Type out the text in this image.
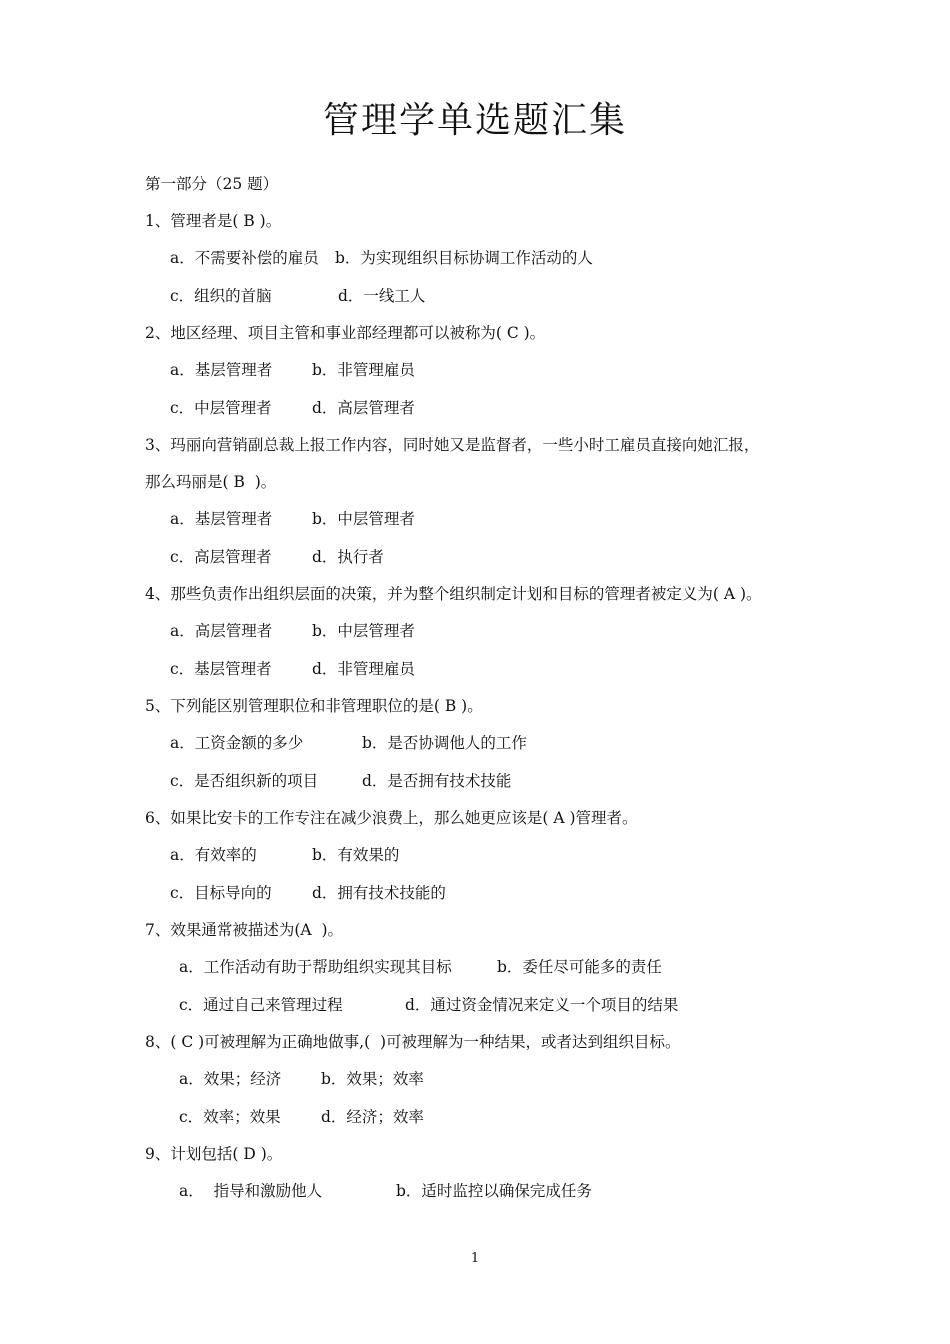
管理学单选题汇集
第一部分（25 题）
1、管理者是( B )。
a．不需要补偿的雇员 b．为实现组织目标协调工作活动的人
c．组织的首脑	d．一线工人
2、地区经理、项目主管和事业部经理都可以被称为( C )。
a．基层管理者	b．非管理雇员
c．中层管理者	d．高层管理者
3、玛丽向营销副总裁上报工作内容，同时她又是监督者，一些小时工雇员直接向她汇报，
那么玛丽是( B  )。
a．基层管理者	b．中层管理者
c．高层管理者	d．执行者
4、那些负责作出组织层面的决策，并为整个组织制定计划和目标的管理者被定义为( A )。
a．高层管理者	b．中层管理者
c．基层管理者	d．非管理雇员
5、下列能区别管理职位和非管理职位的是( B )。
a．工资金额的多少	b．是否协调他人的工作
c．是否组织新的项目	d．是否拥有技术技能
6、如果比安卡的工作专注在减少浪费上，那么她更应该是( A )管理者。
a．有效率的	b．有效果的
c．目标导向的	d．拥有技术技能的
7、效果通常被描述为(A  )。
a．工作活动有助于帮助组织实现其目标	b．委任尽可能多的责任
c．通过自己来管理过程	d．通过资金情况来定义一个项目的结果
8、( C )可被理解为正确地做事,(  )可被理解为一种结果，或者达到组织目标。
a．效果；经济	b．效果；效率
c．效率；效果	d．经济；效率
9、计划包括( D )。
a．  指导和激励他人	b．适时监控以确保完成任务
1
